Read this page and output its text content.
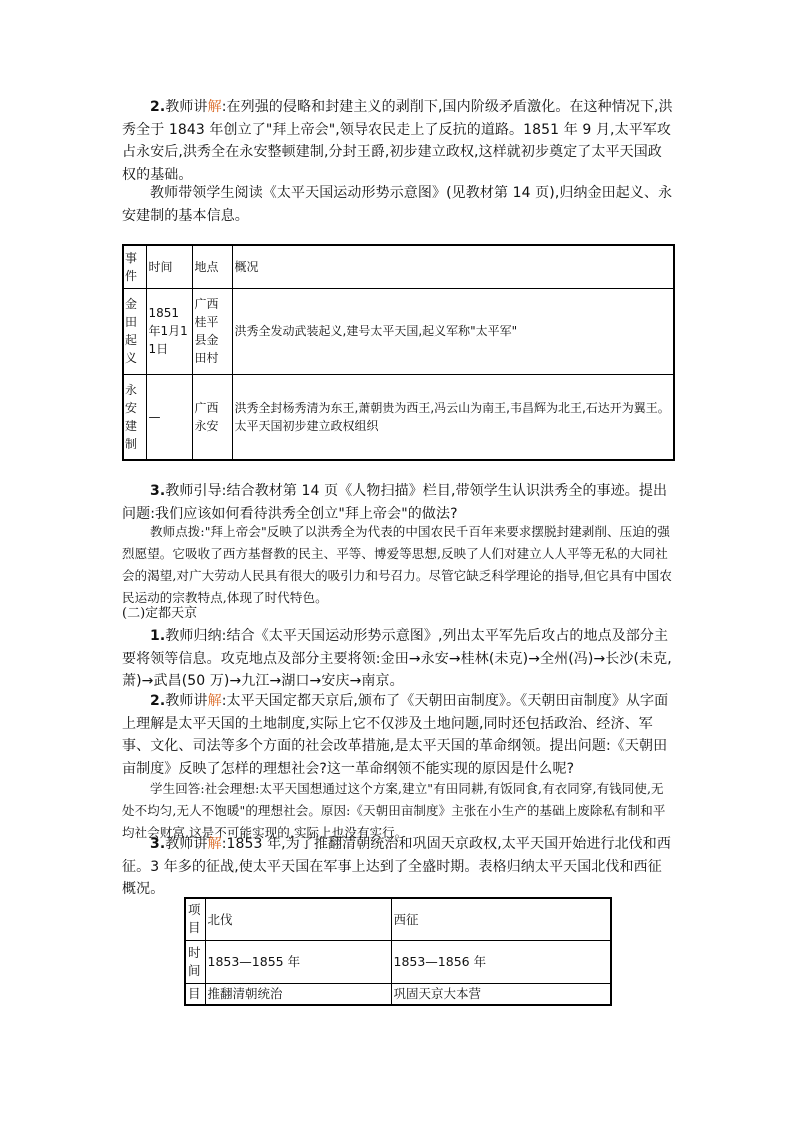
2.教师讲解:在列强的侵略和封建主义的剥削下,国内阶级矛盾激化。在这种情况下,洪秀全于 1843 年创立了"拜上帝会",领导农民走上了反抗的道路。1851 年 9 月,太平军攻占永安后,洪秀全在永安整顿建制,分封王爵,初步建立政权,这样就初步奠定了太平天国政权的基础。
教师带领学生阅读《太平天国运动形势示意图》(见教材第 14 页),归纳金田起义、永安建制的基本信息。
事件	时间	地点	概况
金田起义	1851年1月11日	广西桂平县金田村	洪秀全发动武装起义,建号太平天国,起义军称"太平军"
永安建制	—	广西永安	洪秀全封杨秀清为东王,萧朝贵为西王,冯云山为南王,韦昌辉为北王,石达开为翼王。
太平天国初步建立政权组织
3.教师引导:结合教材第 14 页《人物扫描》栏目,带领学生认识洪秀全的事迹。提出问题:我们应该如何看待洪秀全创立"拜上帝会"的做法?
教师点拨:"拜上帝会"反映了以洪秀全为代表的中国农民千百年来要求摆脱封建剥削、压迫的强烈愿望。它吸收了西方基督教的民主、平等、博爱等思想,反映了人们对建立人人平等无私的大同社会的渴望,对广大劳动人民具有很大的吸引力和号召力。尽管它缺乏科学理论的指导,但它具有中国农民运动的宗教特点,体现了时代特色。
(二)定都天京
1.教师归纳:结合《太平天国运动形势示意图》,列出太平军先后攻占的地点及部分主要将领等信息。攻克地点及部分主要将领:金田→永安→桂林(未克)→全州(冯)→长沙(未克,萧)→武昌(50 万)→九江→湖口→安庆→南京。
2.教师讲解:太平天国定都天京后,颁布了《天朝田亩制度》。《天朝田亩制度》从字面上理解是太平天国的土地制度,实际上它不仅涉及土地问题,同时还包括政治、经济、军事、文化、司法等多个方面的社会改革措施,是太平天国的革命纲领。提出问题:《天朝田亩制度》反映了怎样的理想社会?这一革命纲领不能实现的原因是什么呢?
学生回答:社会理想:太平天国想通过这个方案,建立"有田同耕,有饭同食,有衣同穿,有钱同使,无处不均匀,无人不饱暖"的理想社会。原因:《天朝田亩制度》主张在小生产的基础上废除私有制和平均社会财富,这是不可能实现的,实际上也没有实行。
3.教师讲解:1853 年,为了推翻清朝统治和巩固天京政权,太平天国开始进行北伐和西征。3 年多的征战,使太平天国在军事上达到了全盛时期。表格归纳太平天国北伐和西征概况。
项目	北伐	西征
时间	1853—1855 年	1853—1856 年
目	推翻清朝统治	巩固天京大本营
